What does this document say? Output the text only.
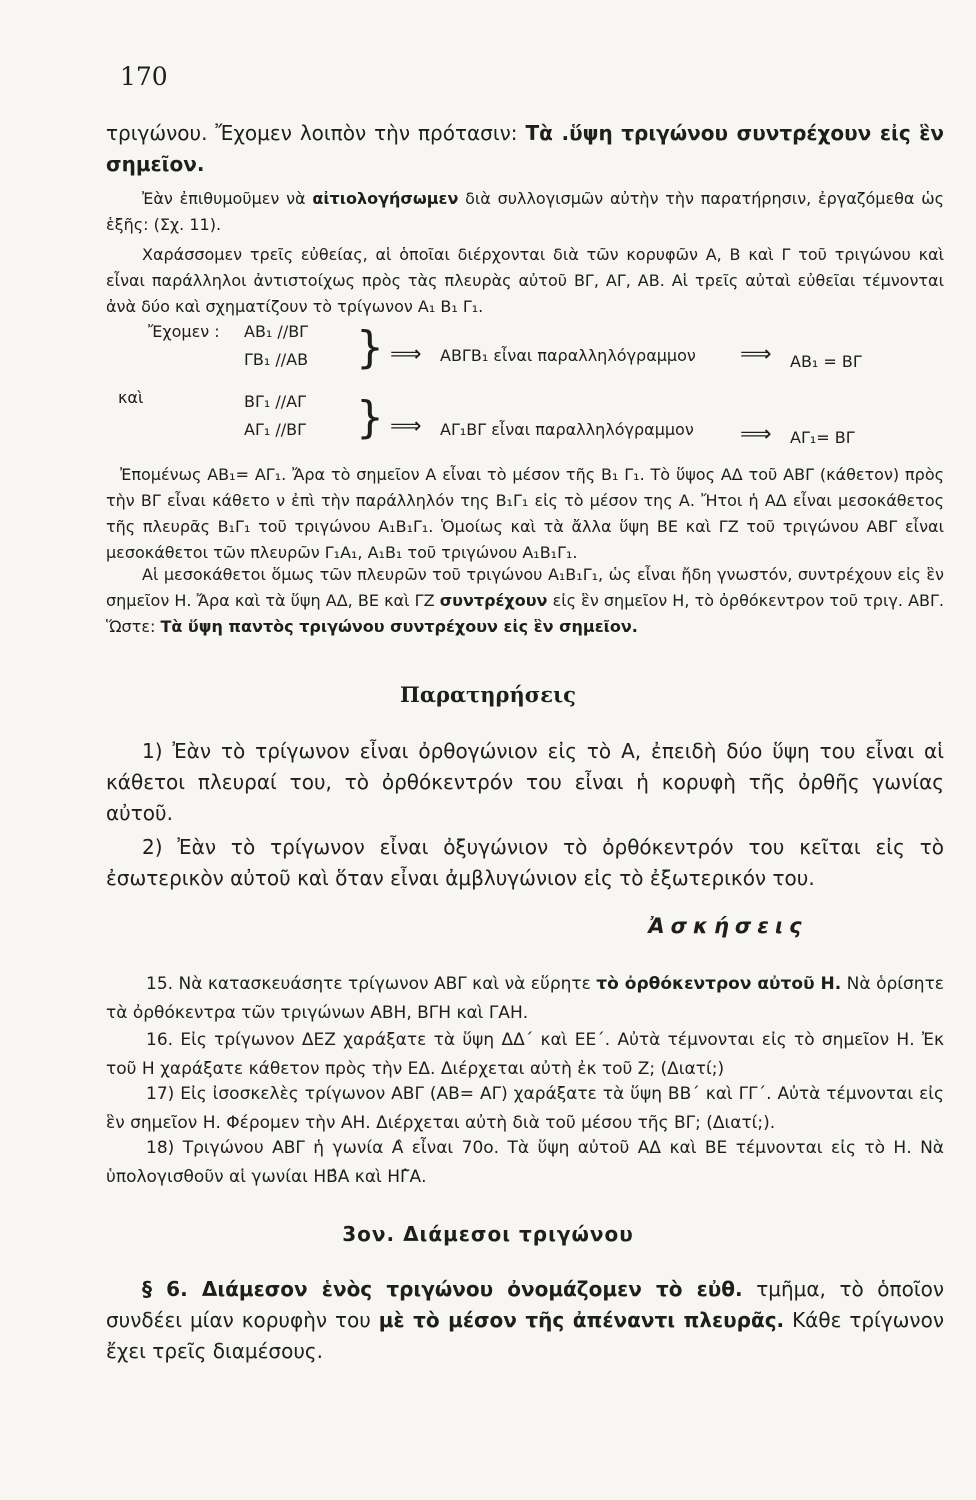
170
τριγώνου. Ἔχομεν λοιπὸν τὴν πρότασιν: Τὰ .ὕψη τριγώνου συντρέχουν εἰς ἓν σημεῖον.
Ἐὰν ἐπιθυμοῦμεν νὰ αἰτιολογήσωμεν διὰ συλλογισμῶν αὐτὴν τὴν παρατήρησιν, ἐργαζόμεθα ὡς ἑξῆς: (Σχ. 11).
Χαράσσομεν τρεῖς εὐθείας, αἱ ὁποῖαι διέρχονται διὰ τῶν κορυφῶν Α, Β καὶ Γ τοῦ τριγώνου καὶ εἶναι παράλληλοι ἀντιστοίχως πρὸς τὰς πλευρὰς αὐτοῦ ΒΓ, ΑΓ, ΑΒ. Αἱ τρεῖς αὐταὶ εὐθεῖαι τέμνονται ἀνὰ δύο καὶ σχηματίζουν τὸ τρίγωνον Α₁ Β₁ Γ₁.
Ἔχομεν : ΑΒ₁ //ΒΓ
ΓΒ₁ //ΑΒ } ⟹ ΑΒΓΒ₁ εἶναι παραλληλόγραμμον ⟹ ΑΒ₁ = ΒΓ
καὶ	ΒΓ₁ //ΑΓ
ΑΓ₁ //ΒΓ } ⟹ ΑΓ₁ΒΓ εἶναι παραλληλόγραμμον ⟹ ΑΓ₁= ΒΓ
Ἐπομένως ΑΒ₁= ΑΓ₁. Ἄρα τὸ σημεῖον Α εἶναι τὸ μέσον τῆς Β₁ Γ₁. Τὸ ὕψος ΑΔ τοῦ ΑΒΓ (κάθετον) πρὸς τὴν ΒΓ εἶναι κάθετο ν ἐπὶ τὴν παράλληλόν της Β₁Γ₁ εἰς τὸ μέσον της Α. Ἤτοι ἡ ΑΔ εἶναι μεσοκάθετος τῆς πλευρᾶς Β₁Γ₁ τοῦ τριγώνου Α₁Β₁Γ₁. Ὁμοίως καὶ τὰ ἄλλα ὕψη ΒΕ καὶ ΓΖ τοῦ τριγώνου ΑΒΓ εἶναι μεσοκάθετοι τῶν πλευρῶν Γ₁Α₁, Α₁Β₁ τοῦ τριγώνου Α₁Β₁Γ₁.
Αἱ μεσοκάθετοι ὅμως τῶν πλευρῶν τοῦ τριγώνου Α₁Β₁Γ₁, ὡς εἶναι ἤδη γνωστόν, συντρέχουν εἰς ἓν σημεῖον Η. Ἄρα καὶ τὰ ὕψη ΑΔ, ΒΕ καὶ ΓΖ συντρέχουν εἰς ἓν σημεῖον Η, τὸ ὀρθόκεντρον τοῦ τριγ. ΑΒΓ. Ὥστε: Τὰ ὕψη παντὸς τριγώνου συντρέχουν εἰς ἓν σημεῖον.
Παρατηρήσεις
1) Ἐὰν τὸ τρίγωνον εἶναι ὀρθογώνιον εἰς τὸ Α, ἐπειδὴ δύο ὕψη του εἶναι αἱ κάθετοι πλευραί του, τὸ ὀρθόκεντρόν του εἶναι ἡ κορυφὴ τῆς ὀρθῆς γωνίας αὐτοῦ.
2) Ἐὰν τὸ τρίγωνον εἶναι ὀξυγώνιον τὸ ὀρθόκεντρόν του κεῖται εἰς τὸ ἐσωτερικὸν αὐτοῦ καὶ ὅταν εἶναι ἀμβλυγώνιον εἰς τὸ ἐξωτερικόν του.
Ἀσκήσεις
15. Νὰ κατασκευάσητε τρίγωνον ΑΒΓ καὶ νὰ εὕρητε τὸ ὀρθόκεντρον αὐτοῦ Η. Νὰ ὁρίσητε τὰ ὀρθόκεντρα τῶν τριγώνων ΑΒΗ, ΒΓΗ καὶ ΓΑΗ.
16. Εἰς τρίγωνον ΔΕΖ χαράξατε τὰ ὕψη ΔΔ΄ καὶ ΕΕ΄. Αὐτὰ τέμνονται εἰς τὸ σημεῖον Η. Ἐκ τοῦ Η χαράξατε κάθετον πρὸς τὴν ΕΔ. Διέρχεται αὐτὴ ἐκ τοῦ Ζ; (Διατί;)
17) Εἰς ἰσοσκελὲς τρίγωνον ΑΒΓ (ΑΒ= ΑΓ) χαράξατε τὰ ὕψη ΒΒ΄ καὶ ΓΓ΄. Αὐτὰ τέμνονται εἰς ἓν σημεῖον Η. Φέρομεν τὴν ΑΗ. Διέρχεται αὐτὴ διὰ τοῦ μέσου τῆς ΒΓ; (Διατί;).
18) Τριγώνου ΑΒΓ ἡ γωνία Α̂ εἶναι 70ο. Τὰ ὕψη αὐτοῦ ΑΔ καὶ ΒΕ τέμνονται εἰς τὸ Η. Νὰ ὑπολογισθοῦν αἱ γωνίαι ΗΒ̂Α καὶ ΗΓ̂Α.
3ον. Διάμεσοι τριγώνου
§ 6. Διάμεσον ἑνὸς τριγώνου ὀνομάζομεν τὸ εὐθ. τμῆμα, τὸ ὁποῖον συνδέει μίαν κορυφὴν του μὲ τὸ μέσον τῆς ἀπέναντι πλευρᾶς. Κάθε τρίγωνον ἔχει τρεῖς διαμέσους.
